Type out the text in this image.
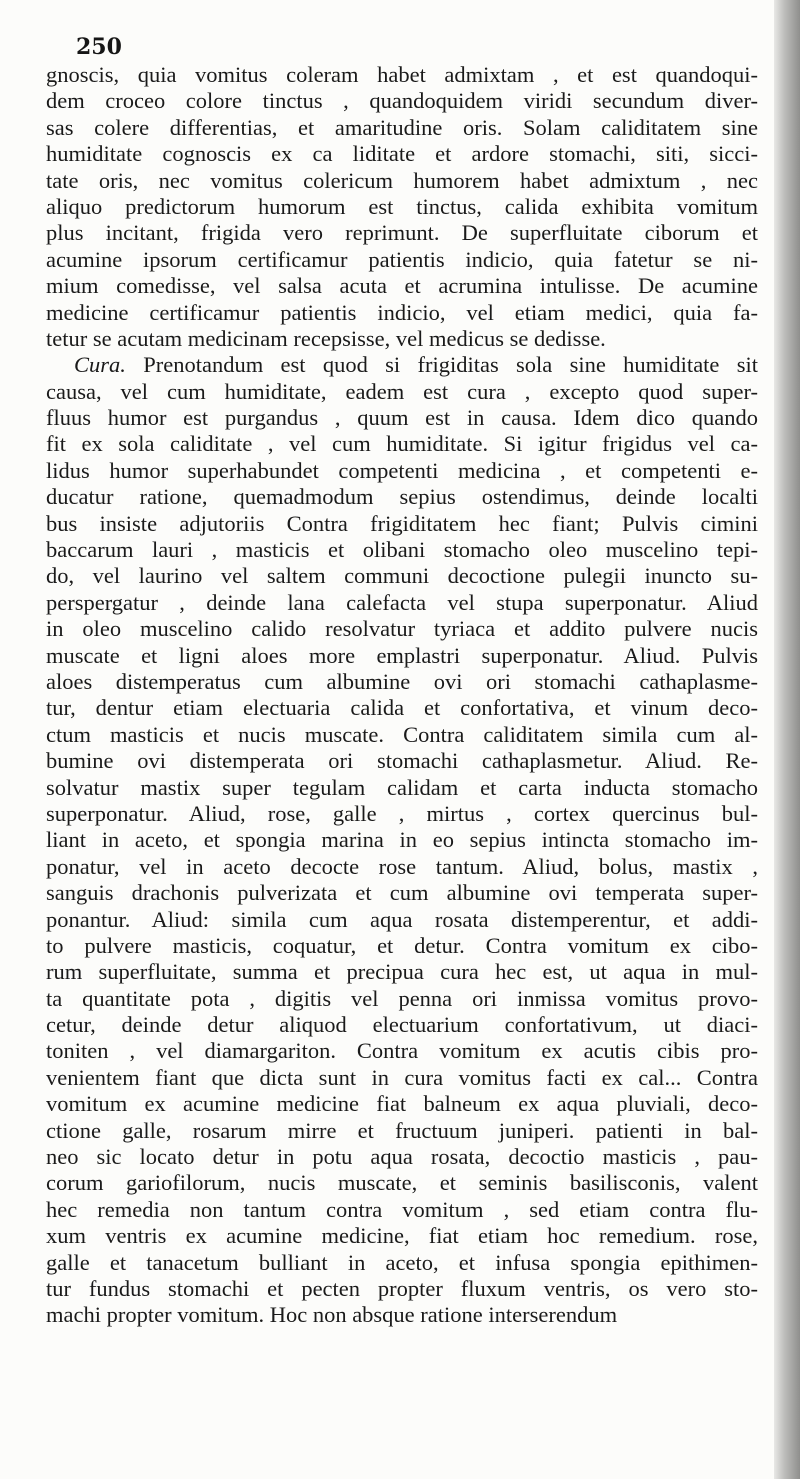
250
gnoscis, quia vomitus coleram habet admixtam , et est quandoqui-
dem croceo colore tinctus , quandoquidem viridi secundum diver-
sas colere differentias, et amaritudine oris. Solam caliditatem sine
humiditate cognoscis ex ca liditate et ardore stomachi, siti, sicci-
tate oris, nec vomitus colericum humorem habet admixtum , nec
aliquo predictorum humorum est tinctus, calida exhibita vomitum
plus incitant, frigida vero reprimunt. De superfluitate ciborum et
acumine ipsorum certificamur patientis indicio, quia fatetur se ni-
mium comedisse, vel salsa acuta et acrumina intulisse. De acumine
medicine certificamur patientis indicio, vel etiam medici, quia fa-
tetur se acutam medicinam recepsisse, vel medicus se dedisse.
Cura. Prenotandum est quod si frigiditas sola sine humiditate sit
causa, vel cum humiditate, eadem est cura , excepto quod super-
fluus humor est purgandus , quum est in causa. Idem dico quando
fit ex sola caliditate , vel cum humiditate. Si igitur frigidus vel ca-
lidus humor superhabundet competenti medicina , et competenti e-
ducatur ratione, quemadmodum sepius ostendimus, deinde localti
bus insiste adjutoriis Contra frigiditatem hec fiant; Pulvis cimini
baccarum lauri , masticis et olibani stomacho oleo muscelino tepi-
do, vel laurino vel saltem communi decoctione pulegii inuncto su-
perspergatur , deinde lana calefacta vel stupa superponatur. Aliud
in oleo muscelino calido resolvatur tyriaca et addito pulvere nucis
muscate et ligni aloes more emplastri superponatur. Aliud. Pulvis
aloes distemperatus cum albumine ovi ori stomachi cathaplasme-
tur, dentur etiam electuaria calida et confortativa, et vinum deco-
ctum masticis et nucis muscate. Contra caliditatem simila cum al-
bumine ovi distemperata ori stomachi cathaplasmetur. Aliud. Re-
solvatur mastix super tegulam calidam et carta inducta stomacho
superponatur. Aliud, rose, galle , mirtus , cortex quercinus bul-
liant in aceto, et spongia marina in eo sepius intincta stomacho im-
ponatur, vel in aceto decocte rose tantum. Aliud, bolus, mastix ,
sanguis drachonis pulverizata et cum albumine ovi temperata super-
ponantur. Aliud: simila cum aqua rosata distemperentur, et addi-
to pulvere masticis, coquatur, et detur. Contra vomitum ex cibo-
rum superfluitate, summa et precipua cura hec est, ut aqua in mul-
ta quantitate pota , digitis vel penna ori inmissa vomitus provo-
cetur, deinde detur aliquod electuarium confortativum, ut diaci-
toniten , vel diamargariton. Contra vomitum ex acutis cibis pro-
venientem fiant que dicta sunt in cura vomitus facti ex cal... Contra
vomitum ex acumine medicine fiat balneum ex aqua pluviali, deco-
ctione galle, rosarum mirre et fructuum juniperi. patienti in bal-
neo sic locato detur in potu aqua rosata, decoctio masticis , pau-
corum gariofilorum, nucis muscate, et seminis basilisconis, valent
hec remedia non tantum contra vomitum , sed etiam contra flu-
xum ventris ex acumine medicine, fiat etiam hoc remedium. rose,
galle et tanacetum bulliant in aceto, et infusa spongia epithimen-
tur fundus stomachi et pecten propter fluxum ventris, os vero sto-
machi propter vomitum. Hoc non absque ratione interserendum
